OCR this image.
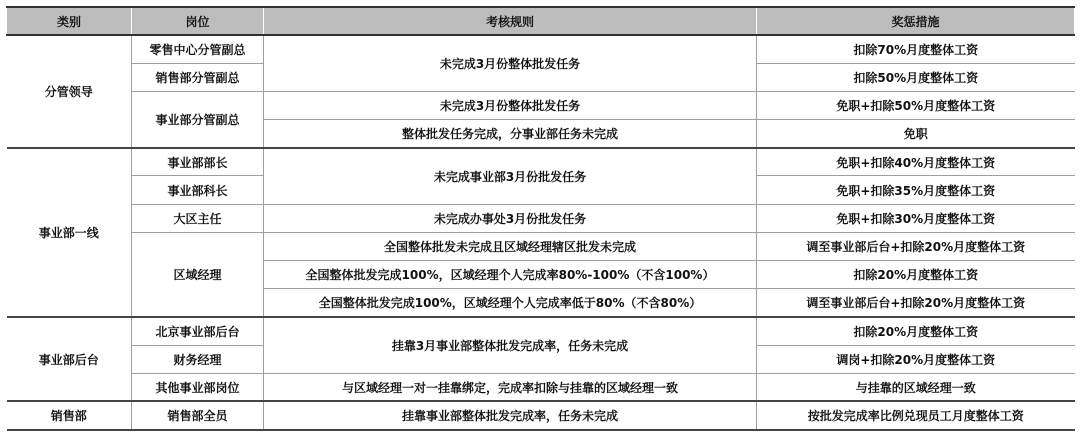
类别	岗位	考核规则	奖惩措施
分管领导	零售中心分管副总	未完成3月份整体批发任务	扣除70%月度整体工资
	销售部分管副总		扣除50%月度整体工资
	事业部分管副总	未完成3月份整体批发任务	免职+扣除50%月度整体工资
		整体批发任务完成，分事业部任务未完成	免职
事业部一线	事业部部长	未完成事业部3月份批发任务	免职+扣除40%月度整体工资
	事业部科长		免职+扣除35%月度整体工资
	大区主任	未完成办事处3月份批发任务	免职+扣除30%月度整体工资
	区域经理	全国整体批发未完成且区域经理辖区批发未完成	调至事业部后台+扣除20%月度整体工资
		全国整体批发完成100%，区域经理个人完成率80%-100%（不含100%）	扣除20%月度整体工资
		全国整体批发完成100%，区域经理个人完成率低于80%（不含80%）	调至事业部后台+扣除20%月度整体工资
事业部后台	北京事业部后台	挂靠3月事业部整体批发完成率，任务未完成	扣除20%月度整体工资
	财务经理		调岗+扣除20%月度整体工资
	其他事业部岗位	与区域经理一对一挂靠绑定，完成率扣除与挂靠的区域经理一致	与挂靠的区域经理一致
销售部	销售部全员	挂靠事业部整体批发完成率，任务未完成	按批发完成率比例兑现员工月度整体工资
